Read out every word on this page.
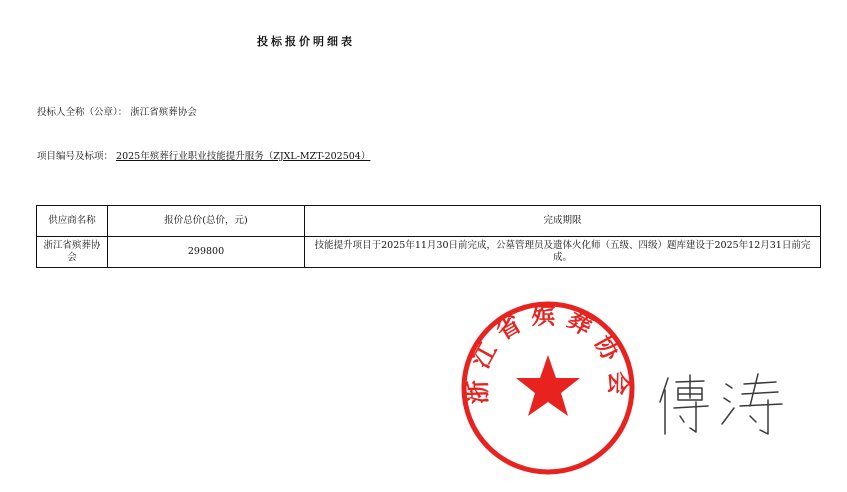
投标报价明细表
投标人全称（公章）： 浙江省殡葬协会
项目编号及标项： 2025年殡葬行业职业技能提升服务（ZJXL-MZT-202504）
供应商名称	报价总价(总价，元)	完成期限
浙江省殡葬协会	299800	技能提升项目于2025年11月30日前完成，公墓管理员及遗体火化师（五级、四级）题库建设于2025年12月31日前完成。
浙江省殡葬协会
